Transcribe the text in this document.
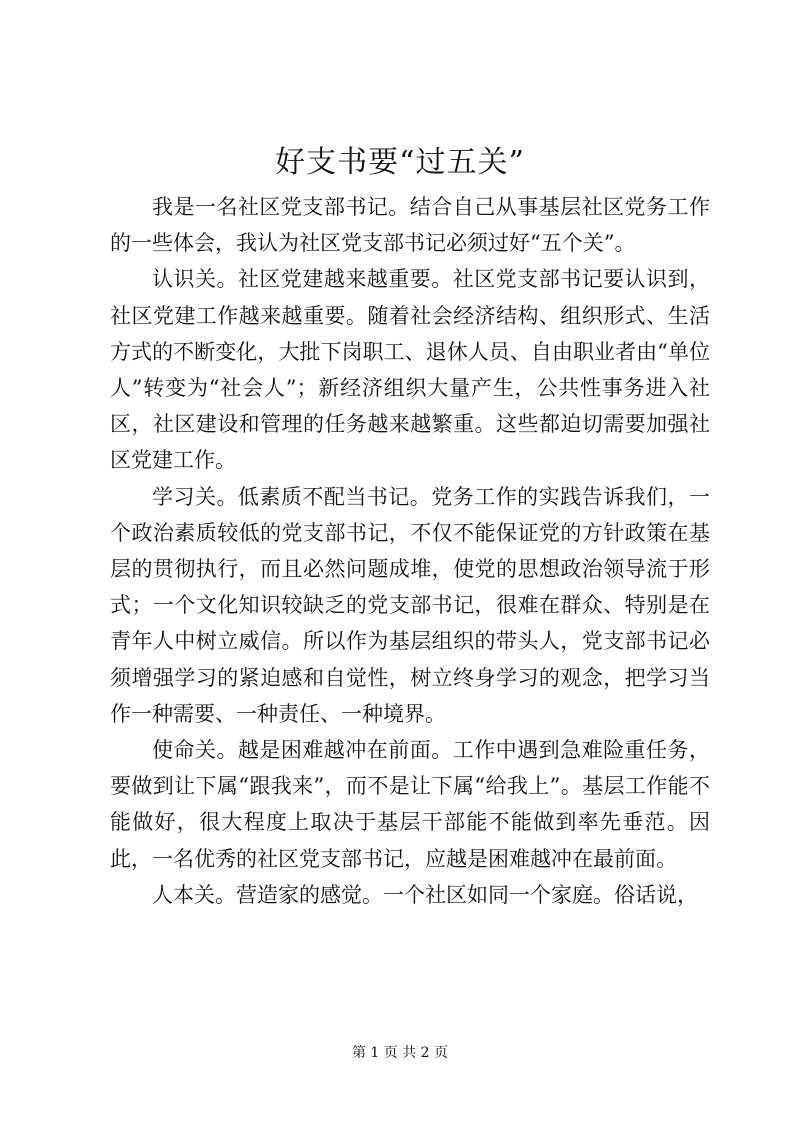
好支书要“过五关”

我是一名社区党支部书记。结合自己从事基层社区党务工作的一些体会，我认为社区党支部书记必须过好“五个关”。

认识关。社区党建越来越重要。社区党支部书记要认识到，社区党建工作越来越重要。随着社会经济结构、组织形式、生活方式的不断变化，大批下岗职工、退休人员、自由职业者由“单位人”转变为“社会人”；新经济组织大量产生，公共性事务进入社区，社区建设和管理的任务越来越繁重。这些都迫切需要加强社区党建工作。

学习关。低素质不配当书记。党务工作的实践告诉我们，一个政治素质较低的党支部书记，不仅不能保证党的方针政策在基层的贯彻执行，而且必然问题成堆，使党的思想政治领导流于形式；一个文化知识较缺乏的党支部书记，很难在群众、特别是在青年人中树立威信。所以作为基层组织的带头人，党支部书记必须增强学习的紧迫感和自觉性，树立终身学习的观念，把学习当作一种需要、一种责任、一种境界。

使命关。越是困难越冲在前面。工作中遇到急难险重任务，要做到让下属“跟我来”，而不是让下属“给我上”。基层工作能不能做好，很大程度上取决于基层干部能不能做到率先垂范。因此，一名优秀的社区党支部书记，应越是困难越冲在最前面。

人本关。营造家的感觉。一个社区如同一个家庭。俗话说，

第 1 页 共 2 页
